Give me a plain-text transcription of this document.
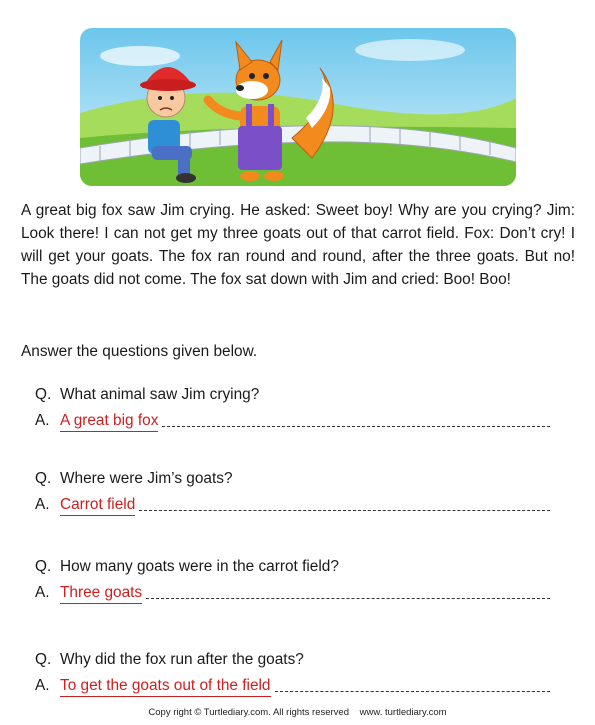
A great big fox saw Jim crying. He asked: Sweet boy! Why are you crying? Jim: Look there! I can not get my three goats out of that carrot field. Fox: Don’t cry! I will get your goats. The fox ran round and round, after the three goats. But no! The goats did not come. The fox sat down with Jim and cried: Boo! Boo!

Answer the questions given below.

Q. What animal saw Jim crying?
A. A great big fox
Q. Where were Jim’s goats?
A. Carrot field
Q. How many goats were in the carrot field?
A. Three goats
Q. Why did the fox run after the goats?
A. To get the goats out of the field
Copy right © Turtlediary.com. All rights reserved www. turtlediary.com
